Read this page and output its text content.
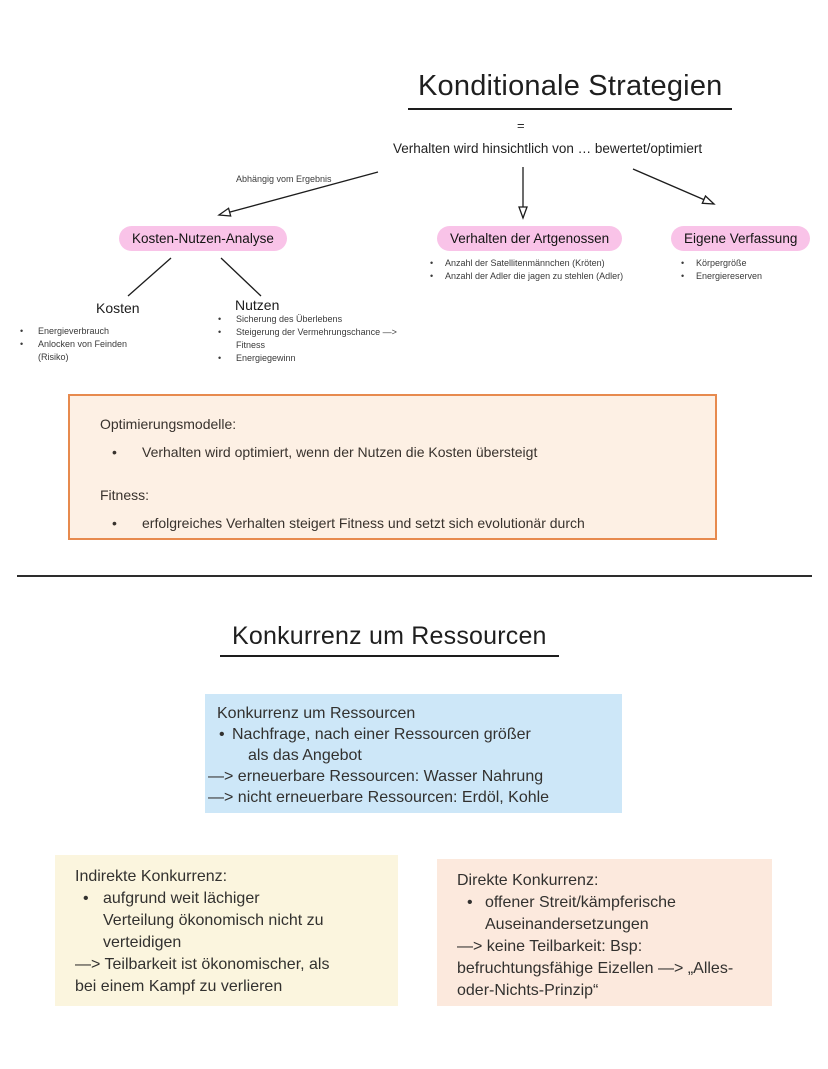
Konditionale Strategien
=
Verhalten wird hinsichtlich von … bewertet/optimiert
Abhängig vom Ergebnis
Kosten-Nutzen-Analyse	Verhalten der Artgenossen	Eigene Verfassung
•
Anzahl der Satellitenmännchen (Kröten)
•
Anzahl der Adler die jagen zu stehlen (Adler)
•
Körpergröße
•
Energiereserven
Kosten
•
Energieverbrauch
•
Anlocken von Feinden (Risiko)
Nutzen
•
Sicherung des Überlebens
•
Steigerung der Vermehrungschance —> Fitness
•
Energiegewinn
Optimierungsmodelle:
•
Verhalten wird optimiert, wenn der Nutzen die Kosten übersteigt
Fitness:
•
erfolgreiches Verhalten steigert Fitness und setzt sich evolutionär durch
Konkurrenz um Ressourcen
Konkurrenz um Ressourcen
•
Nachfrage, nach einer Ressourcen größer
als das Angebot
—> erneuerbare Ressourcen: Wasser Nahrung
—> nicht erneuerbare Ressourcen: Erdöl, Kohle
Indirekte Konkurrenz:
•
aufgrund weit lächiger
Verteilung ökonomisch nicht zu
verteidigen
—> Teilbarkeit ist ökonomischer, als
bei einem Kampf zu verlieren
Direkte Konkurrenz:
•
offener Streit/kämpferische
Auseinandersetzungen
—> keine Teilbarkeit: Bsp:
befruchtungsfähige Eizellen —> „Alles-
oder-Nichts-Prinzip“
